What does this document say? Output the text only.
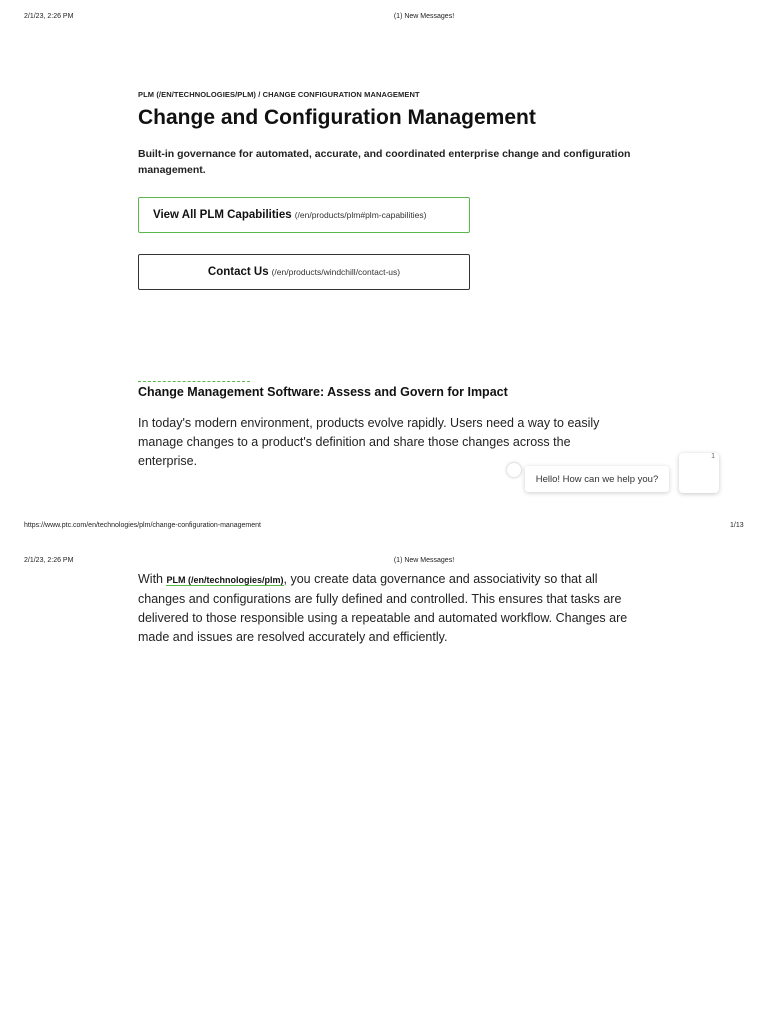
2/1/23, 2:26 PM	(1) New Messages!
PLM (/EN/TECHNOLOGIES/PLM) / CHANGE CONFIGURATION MANAGEMENT
Change and Configuration Management

Built-in governance for automated, accurate, and coordinated enterprise change and configuration management.

View All PLM Capabilities (/en/products/plm#plm-capabilities)
Contact Us (/en/products/windchill/contact-us)
Change Management Software: Assess and Govern for Impact

In today's modern environment, products evolve rapidly. Users need a way to easily manage changes to a product's definition and share those changes across the enterprise.

Hello! How can we help you?
1
https://www.ptc.com/en/technologies/plm/change-configuration-management	1/13
2/1/23, 2:26 PM	(1) New Messages!

With PLM (/en/technologies/plm), you create data governance and associativity so that all changes and configurations are fully defined and controlled. This ensures that tasks are delivered to those responsible using a repeatable and automated workflow. Changes are made and issues are resolved accurately and efficiently.
